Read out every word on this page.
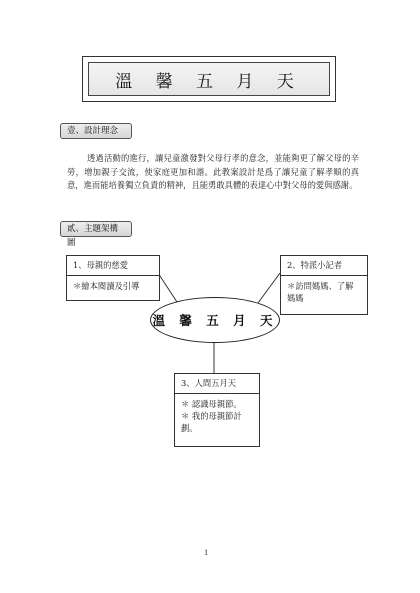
溫 馨 五 月 天
壹、設計理念
透過活動的進行，讓兒童激發對父母行孝的意念，並能夠更了解父母的辛勞，增加親子交流，使家庭更加和諧。此教案設計是爲了讓兒童了解孝順的真意，進而能培養獨立負責的精神，且能勇敢具體的表達心中對父母的愛與感謝。
貳、主題架構圖
1、母親的慈愛
＊繪本閱讀及引導
2、特派小記者
＊訪問媽媽、了解媽媽
溫 馨 五 月 天
3、人間五月天
＊ 認識母親節。
＊ 我的母親節計劃。
1
